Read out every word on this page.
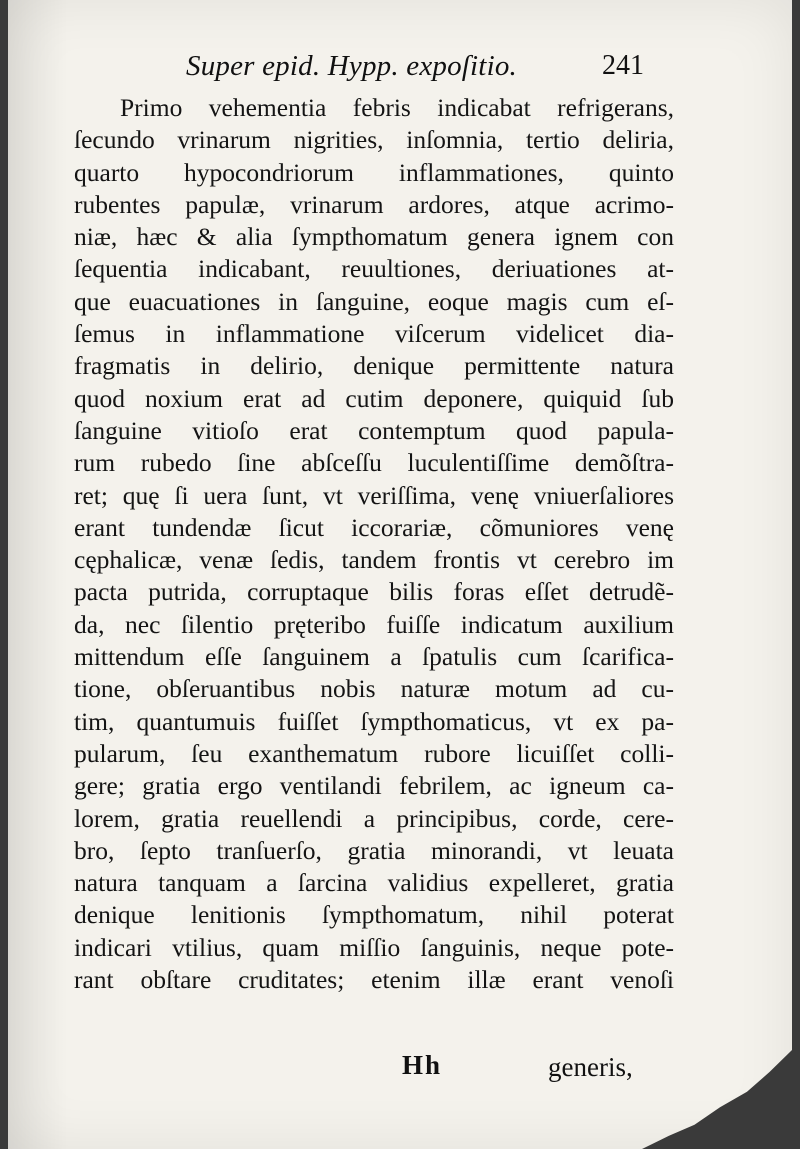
Super epid. Hypp. expoſitio.	241
Primo vehementia febris indicabat refrigerans,
ſecundo vrinarum nigrities, inſomnia, tertio deliria,
quarto hypocondriorum inflammationes, quinto
rubentes papulæ, vrinarum ardores, atque acrimo-
niæ, hæc & alia ſympthomatum genera ignem con
ſequentia indicabant, reuultiones, deriuationes at-
que euacuationes in ſanguine, eoque magis cum eſ-
ſemus in inflammatione viſcerum videlicet dia-
fragmatis in delirio, denique permittente natura
quod noxium erat ad cutim deponere, quiquid ſub
ſanguine vitioſo erat contemptum quod papula-
rum rubedo ſine abſceſſu luculentiſſime demõſtra-
ret; quę ſi uera ſunt, vt veriſſima, venę vniuerſaliores
erant tundendæ ſicut iccorariæ, cõmuniores venę
cęphalicæ, venæ ſedis, tandem frontis vt cerebro im
pacta putrida, corruptaque bilis foras eſſet detrudẽ-
da, nec ſilentio pręteribo fuiſſe indicatum auxilium
mittendum eſſe ſanguinem a ſpatulis cum ſcarifica-
tione, obſeruantibus nobis naturæ motum ad cu-
tim, quantumuis fuiſſet ſympthomaticus, vt ex pa-
pularum, ſeu exanthematum rubore licuiſſet colli-
gere; gratia ergo ventilandi febrilem, ac igneum ca-
lorem, gratia reuellendi a principibus, corde, cere-
bro, ſepto tranſuerſo, gratia minorandi, vt leuata
natura tanquam a ſarcina validius expelleret, gratia
denique lenitionis ſympthomatum, nihil poterat
indicari vtilius, quam miſſio ſanguinis, neque pote-
rant obſtare cruditates; etenim illæ erant venoſi
Hh	generis,
